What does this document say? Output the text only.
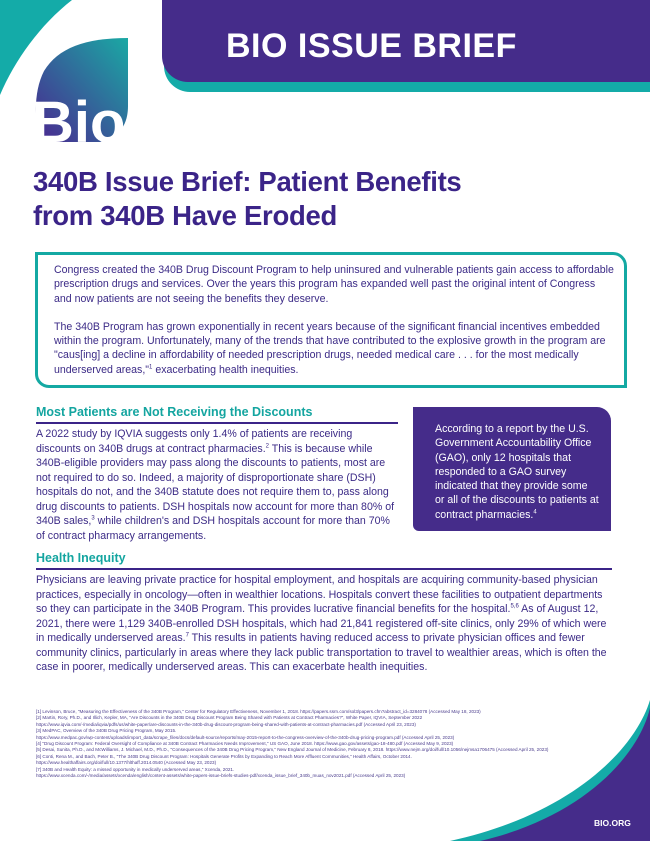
BIO ISSUE BRIEF
Bio
340B Issue Brief: Patient Benefits
from 340B Have Eroded

Congress created the 340B Drug Discount Program to help uninsured and vulnerable patients gain access to affordable prescription drugs and services. Over the years this program has expanded well past the original intent of Congress and now patients are not seeing the benefits they deserve.

The 340B Program has grown exponentially in recent years because of the significant financial incentives embedded within the program. Unfortunately, many of the trends that have contributed to the explosive growth in the program are "caus[ing] a decline in affordability of needed prescription drugs, needed medical care . . . for the most medically underserved areas,"$^1$ exacerbating health inequities.

Most Patients are Not Receiving the Discounts

A 2022 study by IQVIA suggests only 1.4% of patients are receiving discounts on 340B drugs at contract pharmacies.$^2$ This is because while 340B-eligible providers may pass along the discounts to patients, most are not required to do so. Indeed, a majority of disproportionate share (DSH) hospitals do not, and the 340B statute does not require them to, pass along drug discounts to patients. DSH hospitals now account for more than 80% of 340B sales,$^3$ while children's and DSH hospitals account for more than 70% of contract pharmacy arrangements.

According to a report by the U.S. Government Accountability Office (GAO), only 12 hospitals that responded to a GAO survey indicated that they provide some or all of the discounts to patients at contract pharmacies.$^4$
Health Inequity

Physicians are leaving private practice for hospital employment, and hospitals are acquiring community-based physician practices, especially in oncology—often in wealthier locations. Hospitals convert these facilities to outpatient departments so they can participate in the 340B Program. This provides lucrative financial benefits for the hospital.$^{5,6}$ As of August 12, 2021, there were 1,129 340B-enrolled DSH hospitals, which had 21,841 registered off-site clinics, only 29% of which were in medically underserved areas.$^7$ This results in patients having reduced access to private physician offices and fewer community clinics, particularly in areas where they lack public transportation to travel to wealthier areas, which is often the case in poorer, medically underserved areas. This can exacerbate health inequities.

BIO.ORG
[1] Levinson, Bruce, "Measuring the Effectiveness of the 340B Program," Center for Regulatory Effectiveness, November 1, 2018. https://papers.ssrn.com/sol3/papers.cfm?abstract_id=3284078 (Accessed May 18, 2023)
[2] Martin, Rory, Ph.D., and Illich, Kepler, MA, "Are Discounts in the 340B Drug Discount Program Being Shared with Patients at Contract Pharmacies?", White Paper, IQVIA, September 2022
https://www.iqvia.com/-/media/iqvia/pdfs/us/white-paper/are-discounts-in-the-340b-drug-discount-program-being-shared-with-patients-at-contract-pharmacies.pdf (Accessed April 23, 2023)
[3] MedPAC, Overview of the 340B Drug Pricing Program, May 2015.
https://www.medpac.gov/wp-content/uploads/import_data/scrape_files/docs/default-source/reports/may-2015-report-to-the-congress-overview-of-the-340b-drug-pricing-program.pdf (Accessed April 25, 2023)
[4] "Drug Discount Program: Federal Oversight of Compliance at 340B Contract Pharmacies Needs Improvement," US GAO, June 2018. https://www.gao.gov/assets/gao-18-480.pdf (Accessed May 9, 2023)
[5] Desai, Sunita, Ph.D., and McWilliams, J. Michael, M.D., Ph.D., "Consequences of the 340B Drug Pricing Program," New England Journal of Medicine, February 8, 2018. https://www.nejm.org/doi/full/10.1056/nejmsa1706475 (Accessed April 25, 2023)
[6] Conti, Rena M., and Bach, Peter B., "The 340B Drug Discount Program: Hospitals Generate Profits by Expanding to Reach More Affluent Communities," Health Affairs, October 2014.
https://www.healthaffairs.org/doi/full/10.1377/hlthaff.2014.0540 (Accessed May 23, 2023)
[7] 340B and Health Equity: a missed opportunity in medically underserved areas," Xcenda, 2021.
https://www.xcenda.com/-/media/assets/xcenda/english/content-assets/white-papers-issue-briefs-studies-pdf/xcenda_issue_brief_340b_muas_nov2021.pdf (Accessed April 25, 2023)
